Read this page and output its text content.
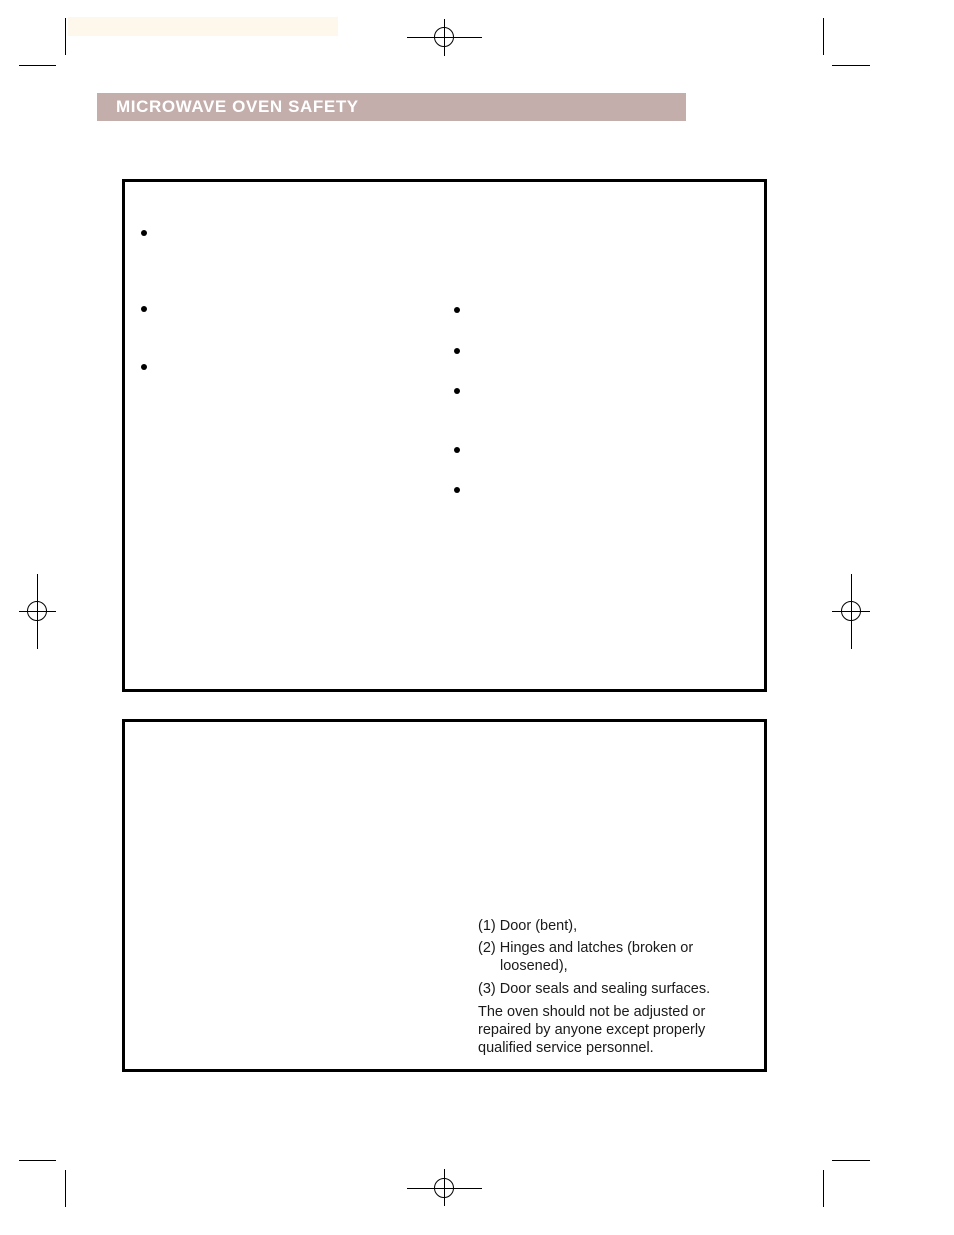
MICROWAVE OVEN SAFETY
(1) Door (bent),
(2) Hinges and latches (broken or
loosened),
(3) Door seals and sealing surfaces.
The oven should not be adjusted or
repaired by anyone except properly
qualified service personnel.
